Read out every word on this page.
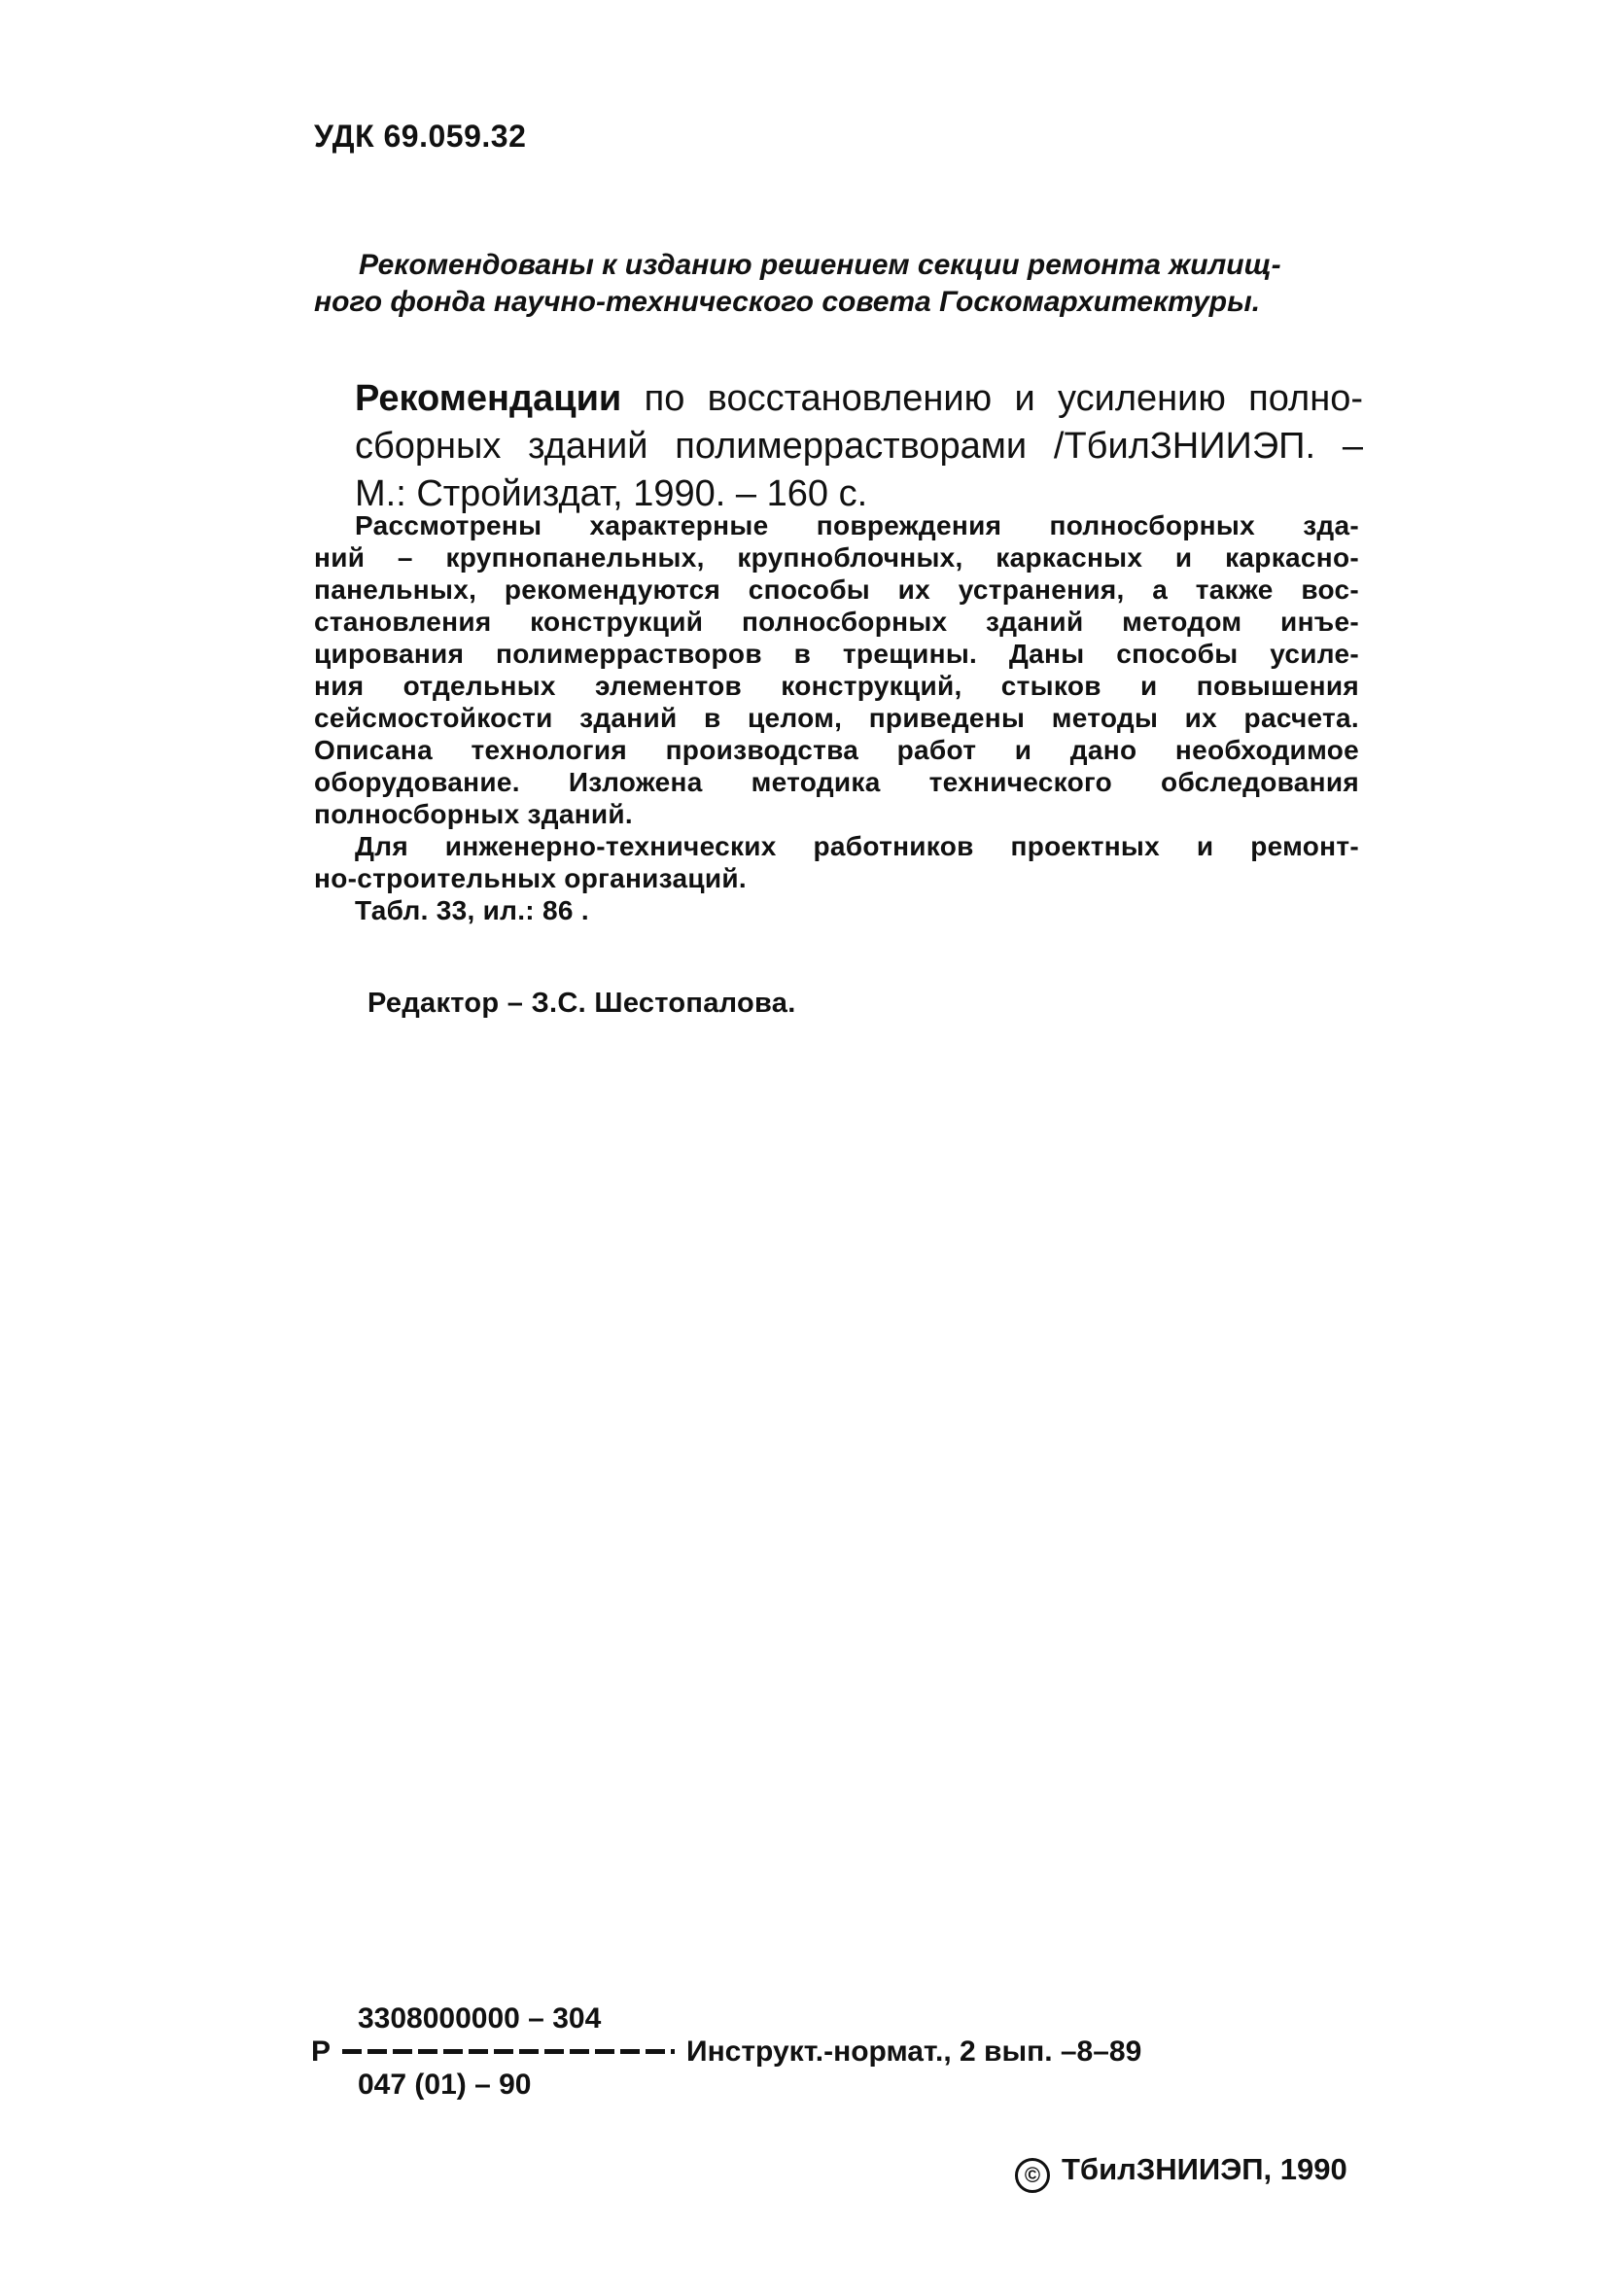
УДК 69.059.32
Рекомендованы к изданию решением секции ремонта жилищ-
ного фонда научно-технического совета Госкомархитектуры.
Рекомендации по восстановлению и усилению полно-
сборных зданий полимеррастворами /ТбилЗНИИЭП. –
М.: Стройиздат, 1990. – 160 с.
Рассмотрены характерные повреждения полносборных зда-
ний – крупнопанельных, крупноблочных, каркасных и каркасно-
панельных, рекомендуются способы их устранения, а также вос-
становления конструкций полносборных зданий методом инъе-
цирования полимеррастворов в трещины. Даны способы усиле-
ния отдельных элементов конструкций, стыков и повышения
сейсмостойкости зданий в целом, приведены методы их расчета.
Описана технология производства работ и дано необходимое
оборудование. Изложена методика технического обследования
полносборных зданий.
Для инженерно-технических работников проектных и ремонт-
но-строительных организаций.
Табл. 33, ил.: 86 .
Редактор – З.С. Шестопалова.
3308000000 – 304
Р	Инструкт.-нормат., 2 вып. –8–89
047 (01) – 90
© ТбилЗНИИЭП, 1990
